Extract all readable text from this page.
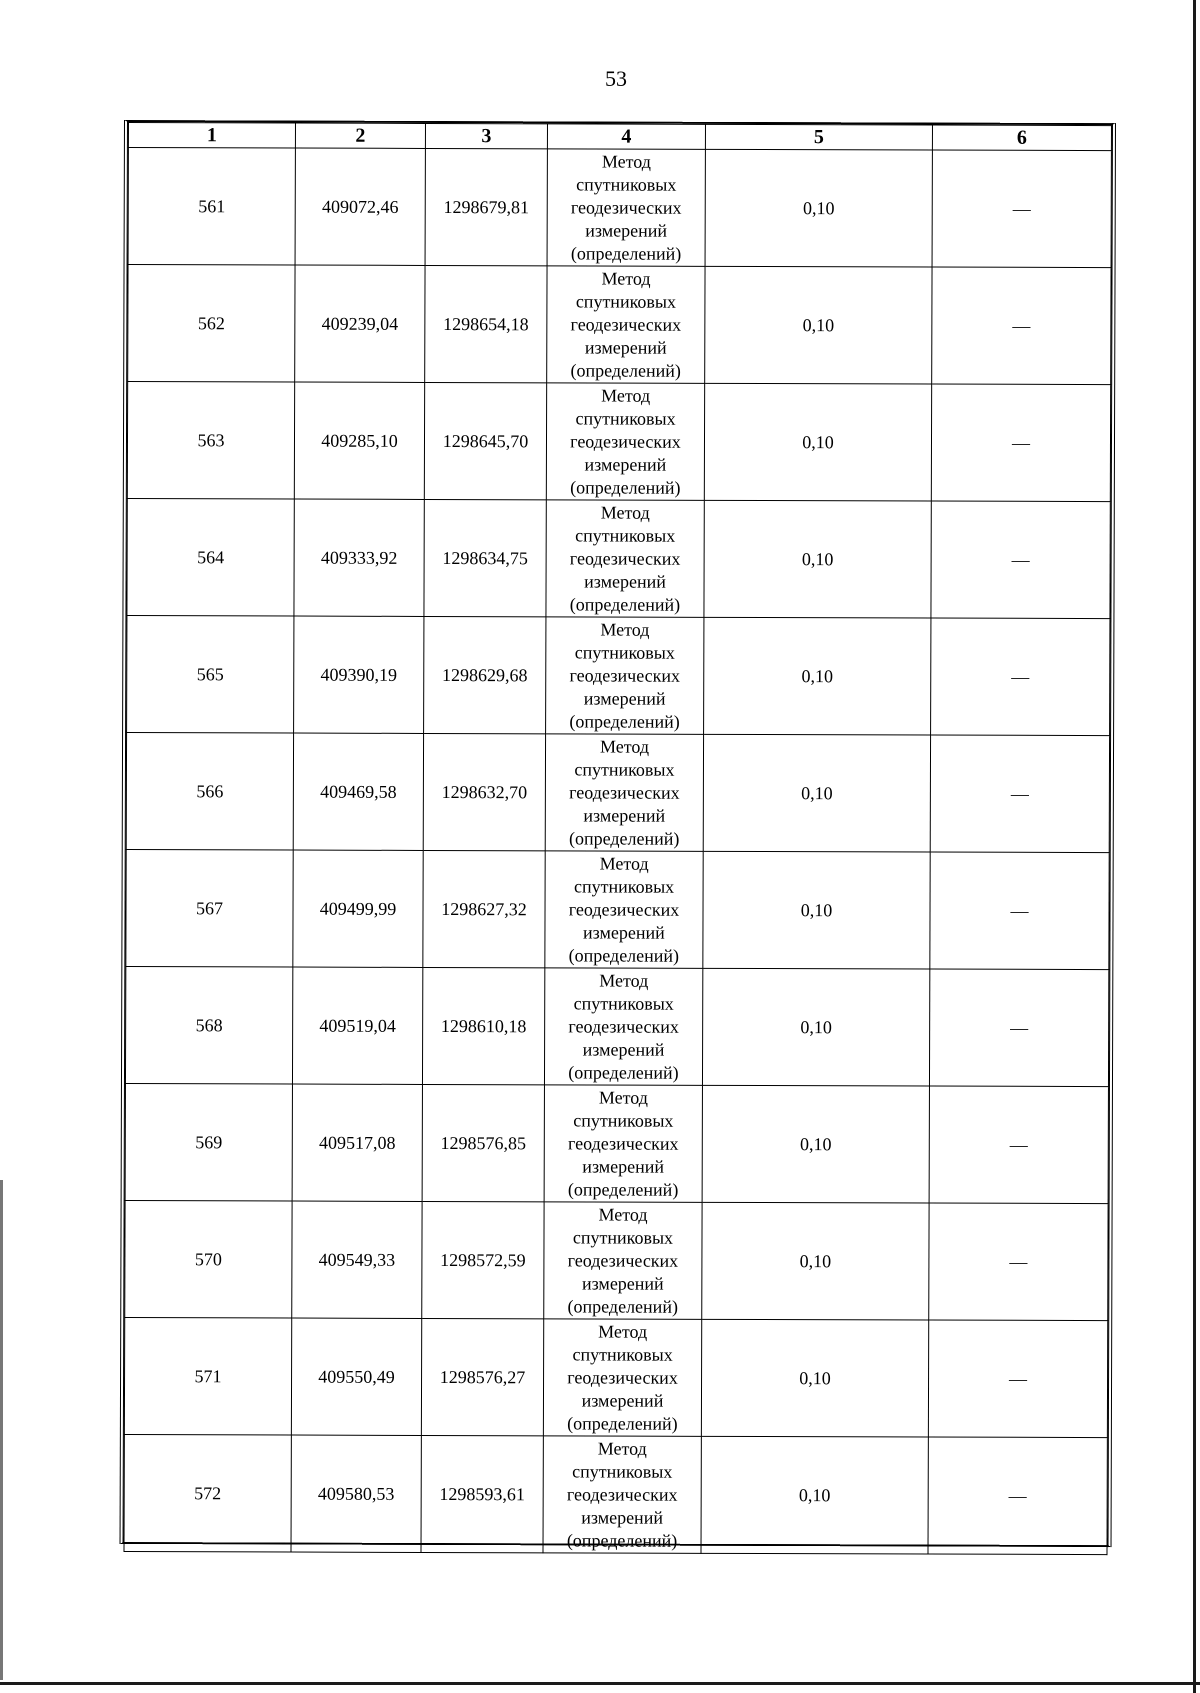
53
1	2	3	4	5	6
561	409072,46	1298679,81	Метод
спутниковых
геодезических
измерений
(определений)	0,10	—
562	409239,04	1298654,18	Метод
спутниковых
геодезических
измерений
(определений)	0,10	—
563	409285,10	1298645,70	Метод
спутниковых
геодезических
измерений
(определений)	0,10	—
564	409333,92	1298634,75	Метод
спутниковых
геодезических
измерений
(определений)	0,10	—
565	409390,19	1298629,68	Метод
спутниковых
геодезических
измерений
(определений)	0,10	—
566	409469,58	1298632,70	Метод
спутниковых
геодезических
измерений
(определений)	0,10	—
567	409499,99	1298627,32	Метод
спутниковых
геодезических
измерений
(определений)	0,10	—
568	409519,04	1298610,18	Метод
спутниковых
геодезических
измерений
(определений)	0,10	—
569	409517,08	1298576,85	Метод
спутниковых
геодезических
измерений
(определений)	0,10	—
570	409549,33	1298572,59	Метод
спутниковых
геодезических
измерений
(определений)	0,10	—
571	409550,49	1298576,27	Метод
спутниковых
геодезических
измерений
(определений)	0,10	—
572	409580,53	1298593,61	Метод
спутниковых
геодезических
измерений
(определений)	0,10	—
